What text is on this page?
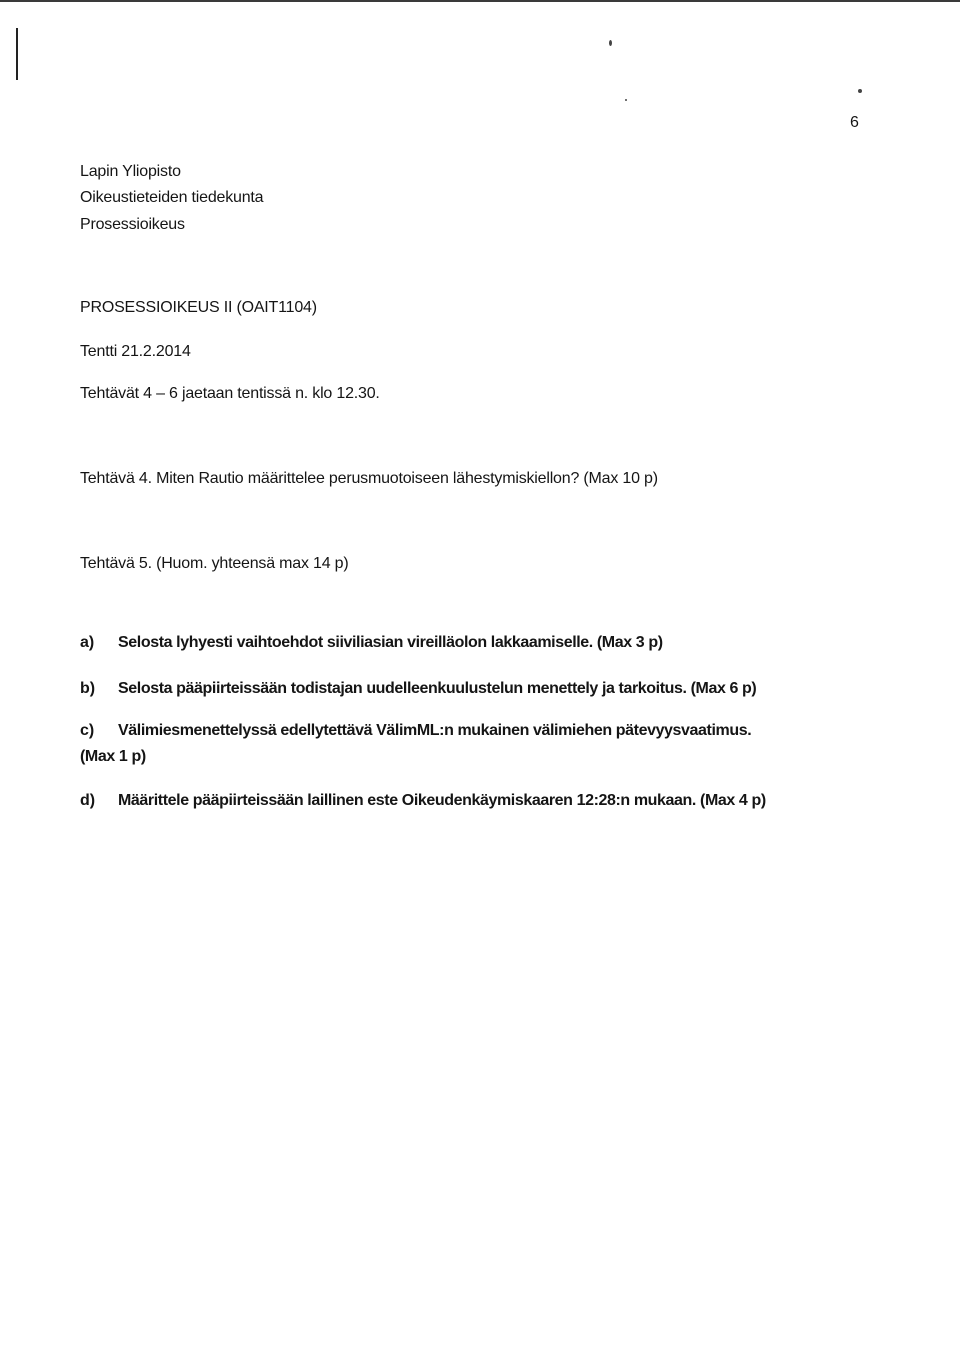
6
Lapin Yliopisto
Oikeustieteiden tiedekunta
Prosessioikeus
PROSESSIOIKEUS II (OAIT1104)
Tentti 21.2.2014
Tehtävät 4 – 6 jaetaan tentissä n. klo 12.30.
Tehtävä 4. Miten Rautio määrittelee perusmuotoiseen lähestymiskiellon? (Max 10 p)
Tehtävä 5. (Huom. yhteensä max 14 p)
a) Selosta lyhyesti vaihtoehdot siiviliasian vireilläolon lakkaamiselle. (Max 3 p)
b) Selosta pääpiirteissään todistajan uudelleenkuulustelun menettely ja tarkoitus. (Max 6 p)
c) Välimiesmenettelyssä edellytettävä VälimML:n mukainen välimiehen pätevyysvaatimus.
(Max 1 p)
d) Määrittele pääpiirteissään laillinen este Oikeudenkäymiskaaren 12:28:n mukaan. (Max 4 p)
